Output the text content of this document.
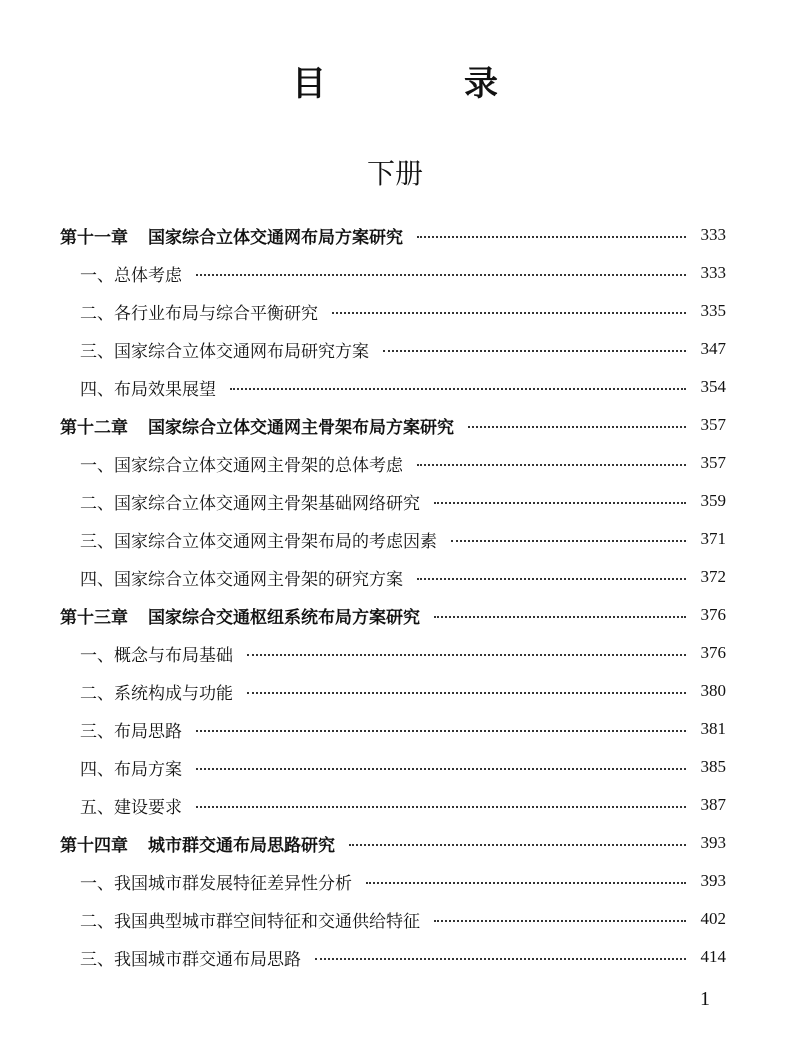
目　录
下册
第十一章 国家综合立体交通网布局方案研究	333
一、总体考虑	333
二、各行业布局与综合平衡研究	335
三、国家综合立体交通网布局研究方案	347
四、布局效果展望	354
第十二章 国家综合立体交通网主骨架布局方案研究	357
一、国家综合立体交通网主骨架的总体考虑	357
二、国家综合立体交通网主骨架基础网络研究	359
三、国家综合立体交通网主骨架布局的考虑因素	371
四、国家综合立体交通网主骨架的研究方案	372
第十三章 国家综合交通枢纽系统布局方案研究	376
一、概念与布局基础	376
二、系统构成与功能	380
三、布局思路	381
四、布局方案	385
五、建设要求	387
第十四章 城市群交通布局思路研究	393
一、我国城市群发展特征差异性分析	393
二、我国典型城市群空间特征和交通供给特征	402
三、我国城市群交通布局思路	414
1
